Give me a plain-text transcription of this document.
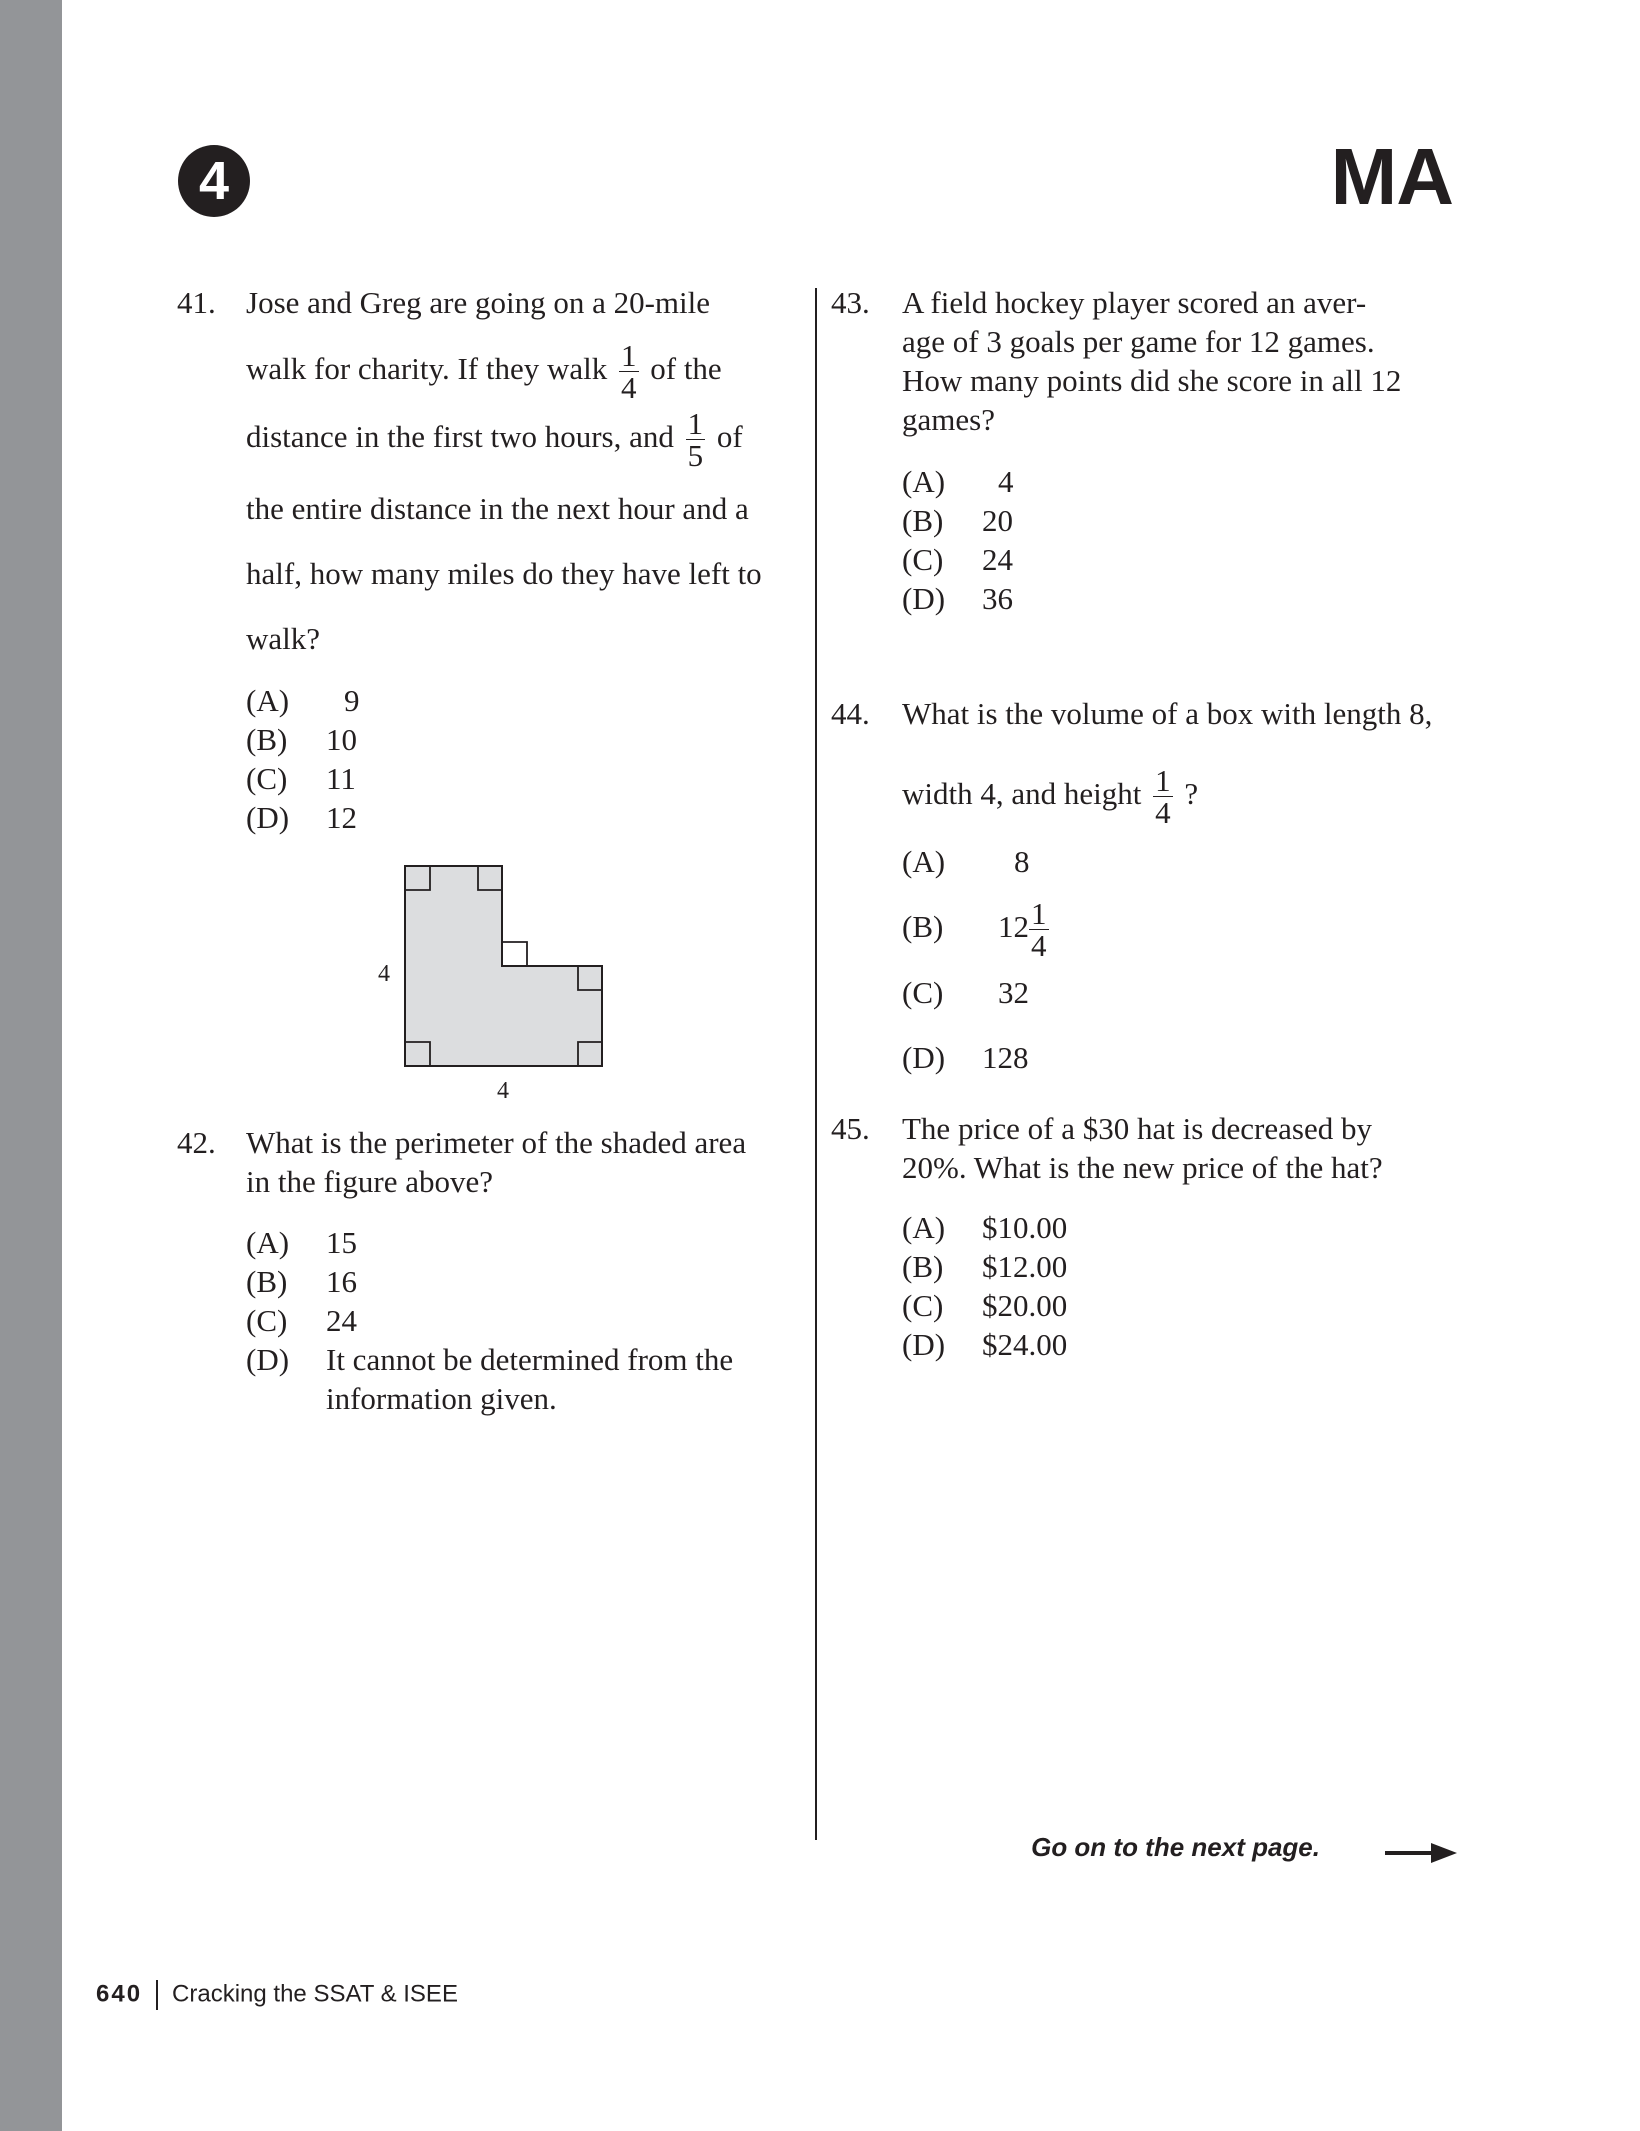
4	MA
41. Jose and Greg are going on a 20-mile
walk for charity. If they walk $\frac{1}{4}$ of the
distance in the first two hours, and $\frac{1}{5}$ of
the entire distance in the next hour and a
half, how many miles do they have left to
walk?
(A) 9
(B) 10
(C) 11
(D) 12
4
4
42. What is the perimeter of the shaded area
in the figure above?
(A) 15
(B) 16
(C) 24
(D) It cannot be determined from the
information given.
43. A field hockey player scored an aver-
age of 3 goals per game for 12 games.
How many points did she score in all 12
games?
(A) 4
(B) 20
(C) 24
(D) 36
44. What is the volume of a box with length 8,
width 4, and height $\frac{1}{4}$ ?
(A) 8
(B) $12 \frac{1}{4}$
(C) 32
(D) 128
45. The price of a $30 hat is decreased by
20%. What is the new price of the hat?
(A) $10.00
(B) $12.00
(C) $20.00
(D) $24.00
Go on to the next page.
640 Cracking the SSAT & ISEE
